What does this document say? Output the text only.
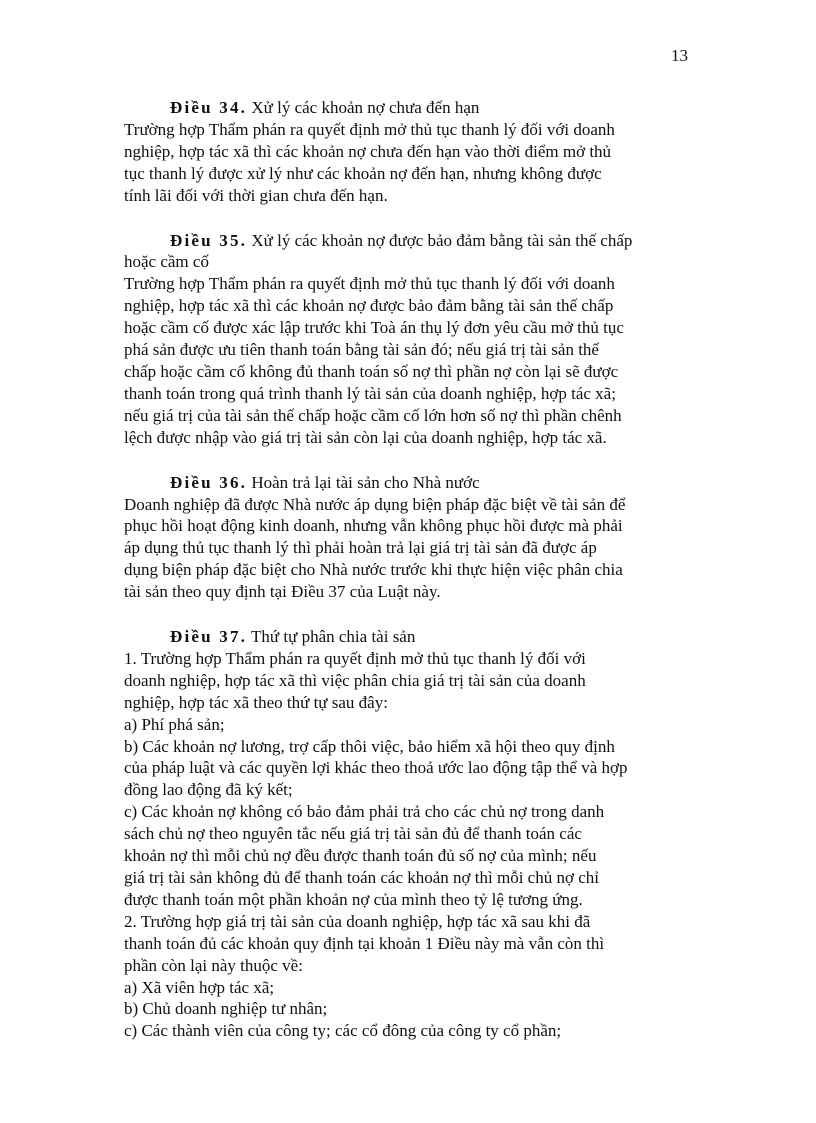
13
Điều 34. Xử lý các khoản nợ chưa đến hạn
Trường hợp Thẩm phán ra quyết định mở thủ tục thanh lý đối với doanh
nghiệp, hợp tác xã thì các khoản nợ chưa đến hạn vào thời điểm mở thủ
tục thanh lý được xử lý như các khoản nợ đến hạn, nhưng không được
tính lãi đối với thời gian chưa đến hạn.
Điều 35. Xử lý các khoản nợ được bảo đảm bằng tài sản thế chấp
hoặc cầm cố
Trường hợp Thẩm phán ra quyết định mở thủ tục thanh lý đối với doanh
nghiệp, hợp tác xã thì các khoản nợ được bảo đảm bằng tài sản thế chấp
hoặc cầm cố được xác lập trước khi Toà án thụ lý đơn yêu cầu mở thủ tục
phá sản được ưu tiên thanh toán bằng tài sản đó; nếu giá trị tài sản thế
chấp hoặc cầm cố không đủ thanh toán số nợ thì phần nợ còn lại sẽ được
thanh toán trong quá trình thanh lý tài sản của doanh nghiệp, hợp tác xã;
nếu giá trị của tài sản thế chấp hoặc cầm cố lớn hơn số nợ thì phần chênh
lệch được nhập vào giá trị tài sản còn lại của doanh nghiệp, hợp tác xã.
Điều 36. Hoàn trả lại tài sản cho Nhà nước
Doanh nghiệp đã được Nhà nước áp dụng biện pháp đặc biệt về tài sản để
phục hồi hoạt động kinh doanh, nhưng vẫn không phục hồi được mà phải
áp dụng thủ tục thanh lý thì phải hoàn trả lại giá trị tài sản đã được áp
dụng biện pháp đặc biệt cho Nhà nước trước khi thực hiện việc phân chia
tài sản theo quy định tại Điều 37 của Luật này.
Điều 37. Thứ tự phân chia tài sản
1. Trường hợp Thẩm phán ra quyết định mở thủ tục thanh lý đối với
doanh nghiệp, hợp tác xã thì việc phân chia giá trị tài sản của doanh
nghiệp, hợp tác xã theo thứ tự sau đây:
a) Phí phá sản;
b) Các khoản nợ lương, trợ cấp thôi việc, bảo hiểm xã hội theo quy định
của pháp luật và các quyền lợi khác theo thoả ước lao động tập thể và hợp
đồng lao động đã ký kết;
c) Các khoản nợ không có bảo đảm phải trả cho các chủ nợ trong danh
sách chủ nợ theo nguyên tắc nếu giá trị tài sản đủ để thanh toán các
khoản nợ thì mỗi chủ nợ đều được thanh toán đủ số nợ của mình; nếu
giá trị tài sản không đủ để thanh toán các khoản nợ thì mỗi chủ nợ chỉ
được thanh toán một phần khoản nợ của mình theo tỷ lệ tương ứng.
2. Trường hợp giá trị tài sản của doanh nghiệp, hợp tác xã sau khi đã
thanh toán đủ các khoản quy định tại khoản 1 Điều này mà vẫn còn thì
phần còn lại này thuộc về:
a) Xã viên hợp tác xã;
b) Chủ doanh nghiệp tư nhân;
c) Các thành viên của công ty; các cổ đông của công ty cổ phần;
